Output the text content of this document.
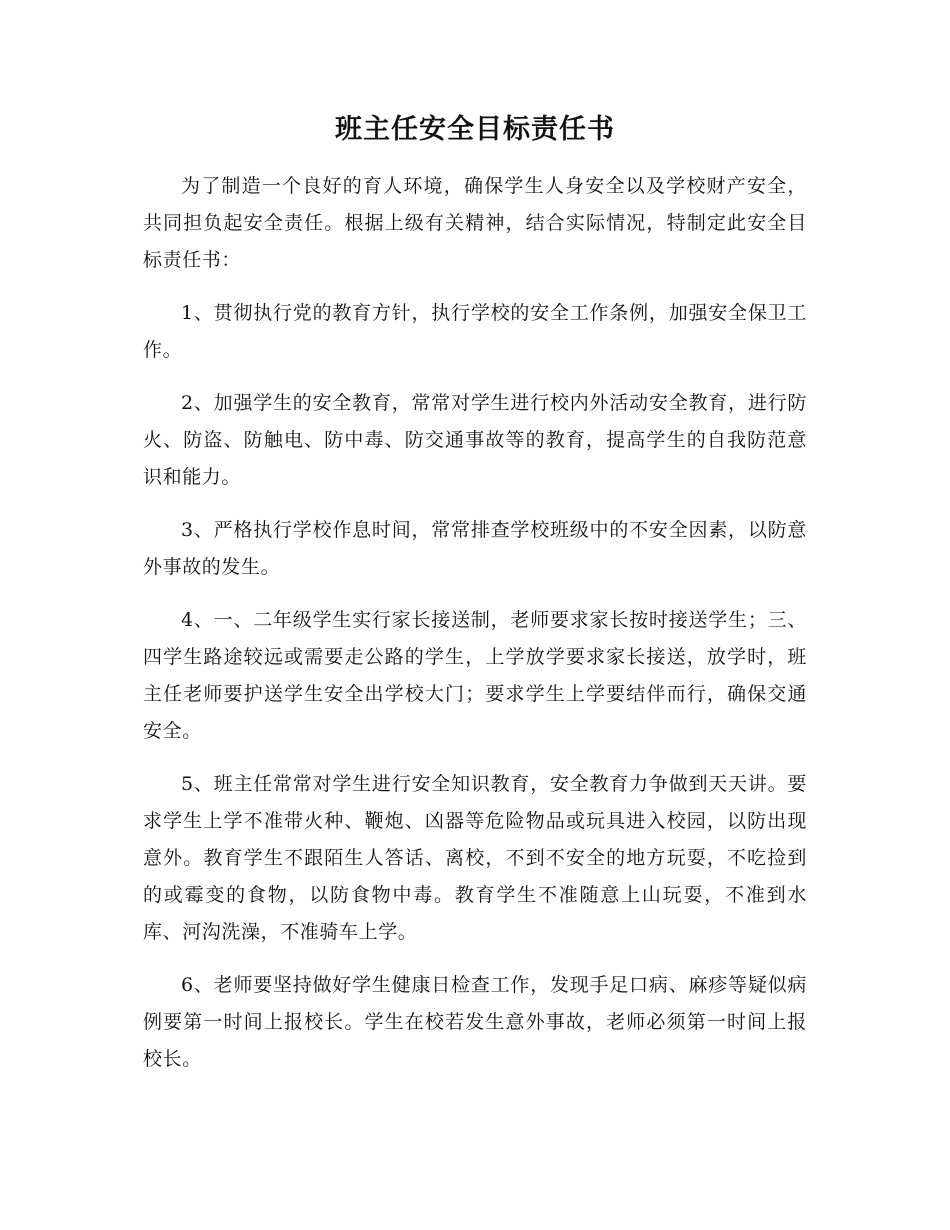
班主任安全目标责任书

为了制造一个良好的育人环境，确保学生人身安全以及学校财产安全，共同担负起安全责任。根据上级有关精神，结合实际情况，特制定此安全目标责任书：

1、贯彻执行党的教育方针，执行学校的安全工作条例，加强安全保卫工作。

2、加强学生的安全教育，常常对学生进行校内外活动安全教育，进行防火、防盗、防触电、防中毒、防交通事故等的教育，提高学生的自我防范意识和能力。

3、严格执行学校作息时间，常常排查学校班级中的不安全因素，以防意外事故的发生。

4、一、二年级学生实行家长接送制，老师要求家长按时接送学生；三、四学生路途较远或需要走公路的学生，上学放学要求家长接送，放学时，班主任老师要护送学生安全出学校大门；要求学生上学要结伴而行，确保交通安全。

5、班主任常常对学生进行安全知识教育，安全教育力争做到天天讲。要求学生上学不准带火种、鞭炮、凶器等危险物品或玩具进入校园，以防出现意外。教育学生不跟陌生人答话、离校，不到不安全的地方玩耍，不吃捡到的或霉变的食物，以防食物中毒。教育学生不准随意上山玩耍，不准到水库、河沟洗澡，不准骑车上学。

6、老师要坚持做好学生健康日检查工作，发现手足口病、麻疹等疑似病例要第一时间上报校长。学生在校若发生意外事故，老师必须第一时间上报校长。
